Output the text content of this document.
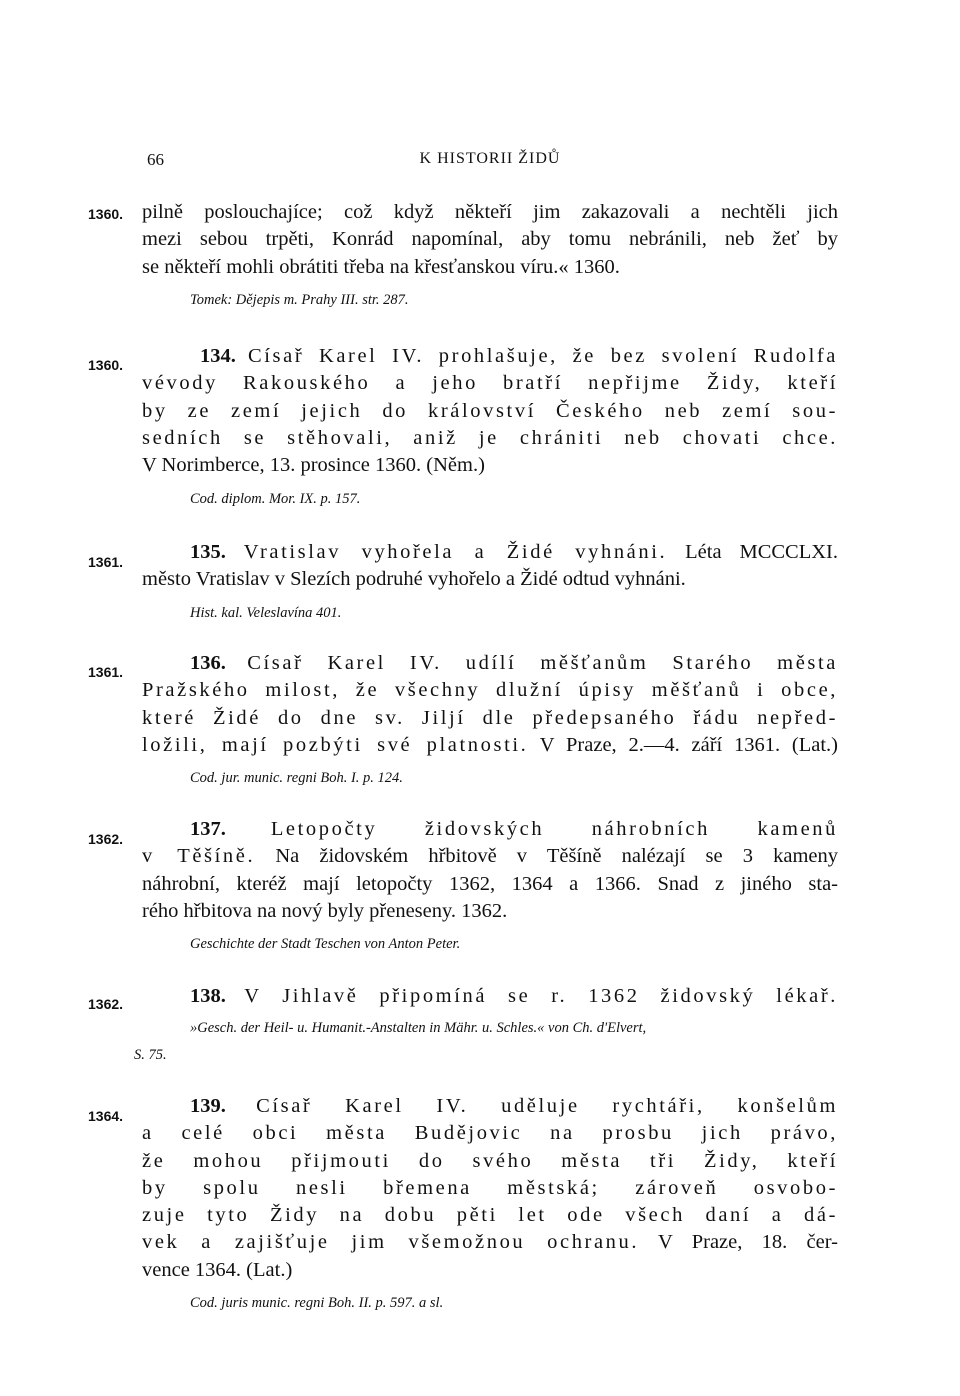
66	K HISTORII ŽIDŮ
1360. pilně poslouchajíce; což když někteří jim zakazovali a nechtěli jich
mezi sebou trpěti, Konrád napomínal, aby tomu nebránili, neb žeť by
se někteří mohli obrátiti třeba na křesťanskou víru.« 1360.
Tomek: Dějepis m. Prahy III. str. 287.
1360.	134. Císař Karel IV. prohlašuje, že bez svolení Rudolfa
vévody Rakouského a jeho bratří nepřijme Židy, kteří
by ze zemí jejich do království Českého neb zemí sou-
sedních se stěhovali, aniž je chrániti neb chovati chce.
V Norimberce, 13. prosince 1360. (Něm.)
Cod. diplom. Mor. IX. p. 157.
1361.	135. Vratislav vyhořela a Židé vyhnáni. Léta MCCCLXI.
město Vratislav v Slezích podruhé vyhořelo a Židé odtud vyhnáni.
Hist. kal. Veleslavína 401.
1361.	136. Císař Karel IV. udílí měšťanům Starého města
Pražského milost, že všechny dlužní úpisy měšťanů i obce,
které Židé do dne sv. Jiljí dle předepsaného řádu nepřed-
ložili, mají pozbýti své platnosti. V Praze, 2.—4. září 1361. (Lat.)
Cod. jur. munic. regni Boh. I. p. 124.
1362.	137. Letopočty židovských náhrobních kamenů
v Těšíně. Na židovském hřbitově v Těšíně nalézají se 3 kameny
náhrobní, kteréž mají letopočty 1362, 1364 a 1366. Snad z jiného sta-
rého hřbitova na nový byly přeneseny. 1362.
Geschichte der Stadt Teschen von Anton Peter.
1362.	138. V Jihlavě připomíná se r. 1362 židovský lékař.
»Gesch. der Heil- u. Humanit.-Anstalten in Mähr. u. Schles.« von Ch. d'Elvert,
S. 75.
1364.	139. Císař Karel IV. uděluje rychtáři, konšelům
a celé obci města Budějovic na prosbu jich právo,
že mohou přijmouti do svého města tři Židy, kteří
by spolu nesli břemena městská; zároveň osvobo-
zuje tyto Židy na dobu pěti let ode všech daní a dá-
vek a zajišťuje jim všemožnou ochranu. V Praze, 18. čer-
vence 1364. (Lat.)
Cod. juris munic. regni Boh. II. p. 597. a sl.
